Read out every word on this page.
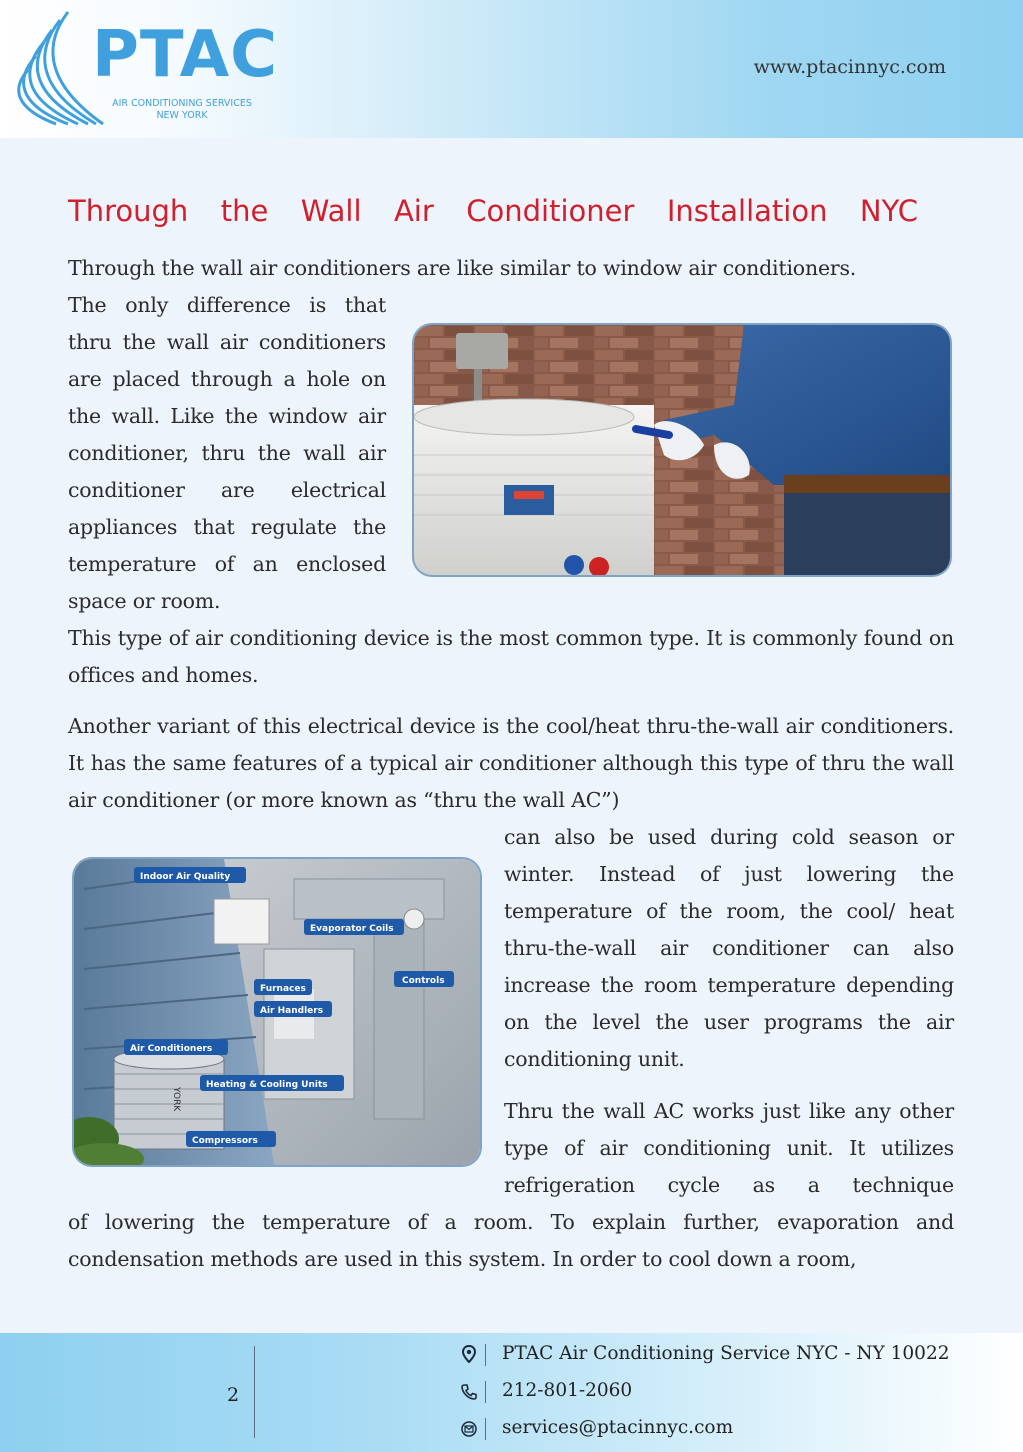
PTAC
AIR CONDITIONING SERVICES
NEW YORK
www.ptacinnyc.com
Through the Wall Air Conditioner Installation NYC

Through the wall air conditioners are like similar to window air conditioners.

The only difference is that thru the wall air conditioners are placed through a hole on the wall. Like the window air conditioner, thru the wall air conditioner are electrical appliances that regulate the temperature of an enclosed space or room.

This type of air conditioning device is the most common type. It is commonly found on offices and homes.

Another variant of this electrical device is the cool/heat thru-the-wall air conditioners. It has the same features of a typical air conditioner although this type of thru the wall air conditioner (or more known as “thru the wall AC”)

can also be used during cold season or winter. Instead of just lowering the temperature of the room, the cool/ heat thru-the-wall air conditioner can also increase the room temperature depending on the level the user programs the air conditioning unit.

YORK
Indoor Air Quality
Evaporator Coils
Controls
Furnaces
Air Handlers
Air Conditioners
Heating & Cooling Units
Compressors

Thru the wall AC works just like any other type of air conditioning unit. It utilizes refrigeration cycle as a technique

of lowering the temperature of a room. To explain further, evaporation and condensation methods are used in this system. In order to cool down a room,

2
PTAC Air Conditioning Service NYC - NY 10022
212-801-2060
services@ptacinnyc.com
